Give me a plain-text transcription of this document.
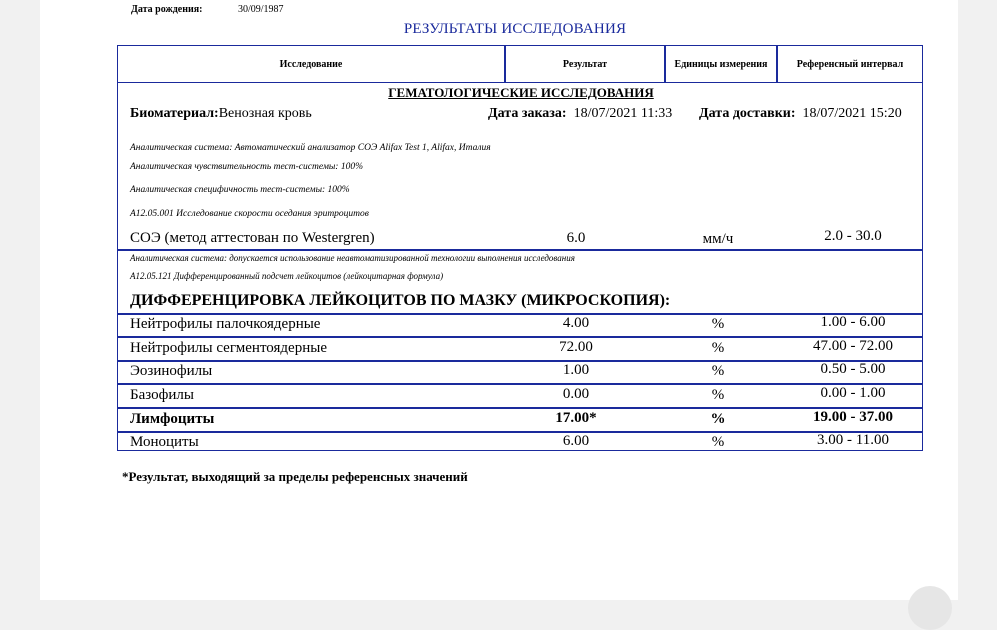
Дата рождения:	30/09/1987
РЕЗУЛЬТАТЫ ИССЛЕДОВАНИЯ
Исследование	Результат	Единицы измерения	Референсный интервал
ГЕМАТОЛОГИЧЕСКИЕ ИССЛЕДОВАНИЯ
Биоматериал:Венозная кровь	Дата заказа: 18/07/2021 11:33 Дата доставки: 18/07/2021 15:20
Аналитическая система: Автоматический анализатор СОЭ Alifax Test 1, Alifax, Италия
Аналитическая чувствительность тест-системы: 100%
Аналитическая специфичность тест-системы: 100%
A12.05.001 Исследование скорости оседания эритроцитов
СОЭ (метод аттестован по Westergren)	6.0	мм/ч	2.0 - 30.0
Аналитическая система: допускается использование неавтоматизированной технологии выполнения исследования
A12.05.121 Дифференцированный подсчет лейкоцитов (лейкоцитарная формула)
ДИФФЕРЕНЦИРОВКА ЛЕЙКОЦИТОВ ПО МАЗКУ (МИКРОСКОПИЯ):
Нейтрофилы палочкоядерные	4.00	%	1.00 - 6.00
Нейтрофилы сегментоядерные	72.00	%	47.00 - 72.00
Эозинофилы	1.00	%	0.50 - 5.00
Базофилы	0.00	%	0.00 - 1.00
Лимфоциты	17.00*	%	19.00 - 37.00
Моноциты	6.00	%	3.00 - 11.00
*Результат, выходящий за пределы референсных значений
